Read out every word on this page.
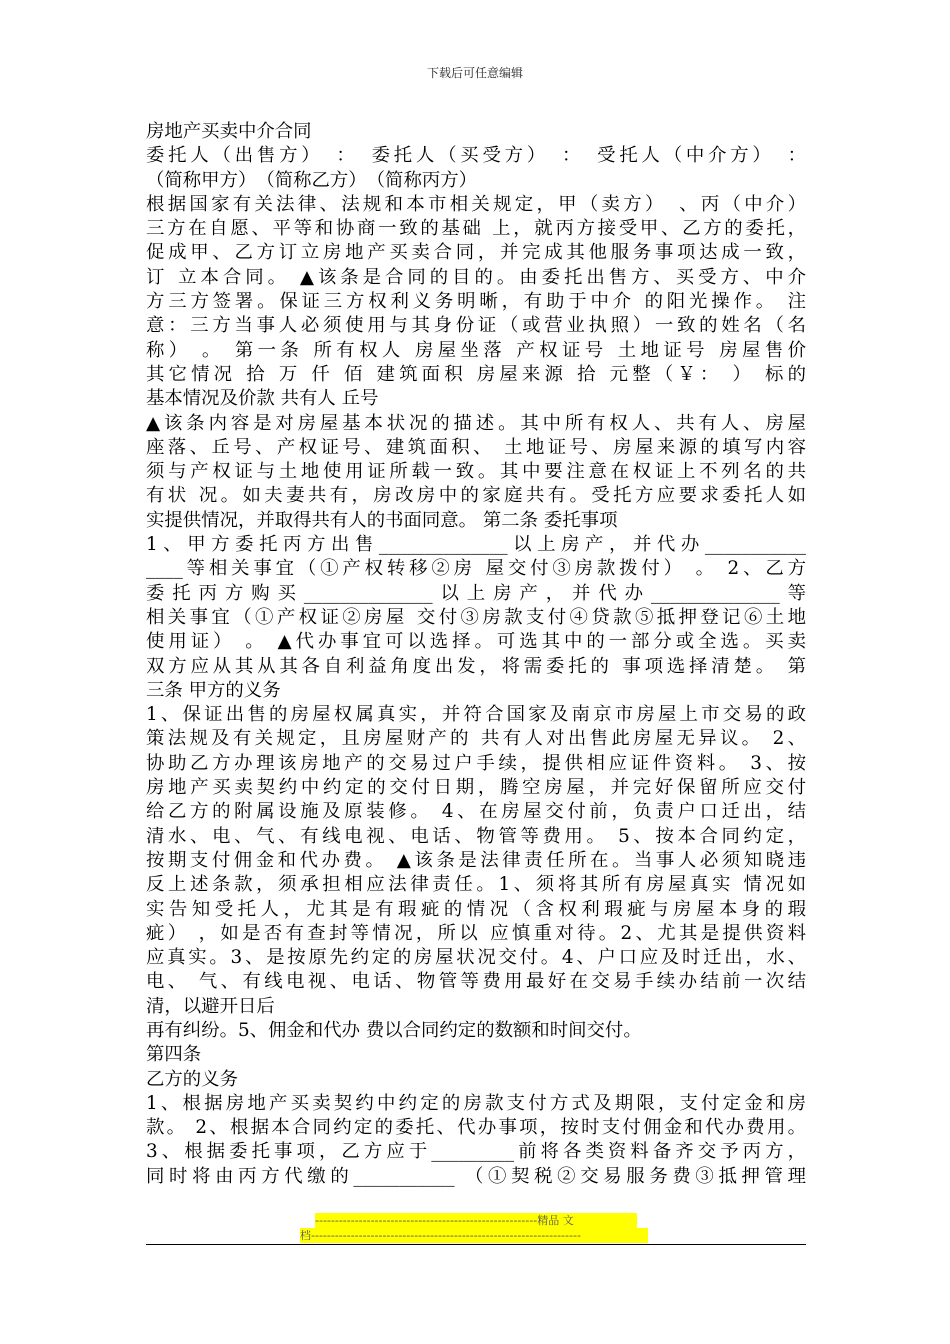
下载后可任意编辑
房地产买卖中介合同
委托人（出售方）　：　委托人（买受方）　：　受托人（中介方）　：
（简称甲方）　（简称乙方）　（简称丙方）
根据国家有关法律、法规和本市相关规定，甲（卖方）　、丙（中介）
三方在自愿、平等和协商一致的基础 上，就丙方接受甲、乙方的委托，
促成甲、乙方订立房地产买卖合同，并完成其他服务事项达成一致，
订 立本合同。 ▲该条是合同的目的。由委托出售方、买受方、中介
方三方签署。保证三方权利义务明晰，有助于中介 的阳光操作。 注
意：三方当事人必须使用与其身份证（或营业执照）一致的姓名（名
称） 。 第一条 所有权人 房屋坐落 产权证号 土地证号 房屋售价
其它情况 拾 万 仟 佰 建筑面积 房屋来源 拾 元整（￥： ） 标的
基本情况及价款 共有人 丘号
▲该条内容是对房屋基本状况的描述。其中所有权人、共有人、房屋
座落、丘号、产权证号、建筑面积、 土地证号、房屋来源的填写内容
须与产权证与土地使用证所载一致。其中要注意在权证上不列名的共
有状 况。如夫妻共有，房改房中的家庭共有。受托方应要求委托人如
实提供情况，并取得共有人的书面同意。 第二条 委托事项
1、甲方委托丙方出售______________以上房产，并代办___________
____等相关事宜（①产权转移②房 屋交付③房款拨付） 。 2、乙方
委托丙方购买______________以上房产，并代办______________等
相关事宜（①产权证②房屋 交付③房款支付④贷款⑤抵押登记⑥土地
使用证） 。 ▲代办事宜可以选择。可选其中的一部分或全选。买卖
双方应从其从其各自利益角度出发，将需委托的 事项选择清楚。 第
三条 甲方的义务
1、保证出售的房屋权属真实，并符合国家及南京市房屋上市交易的政
策法规及有关规定，且房屋财产的 共有人对出售此房屋无异议。 2、
协助乙方办理该房地产的交易过户手续，提供相应证件资料。 3、按
房地产买卖契约中约定的交付日期，腾空房屋，并完好保留所应交付
给乙方的附属设施及原装修。 4、在房屋交付前，负责户口迁出，结
清水、电、气、有线电视、电话、物管等费用。 5、按本合同约定，
按期支付佣金和代办费。 ▲该条是法律责任所在。当事人必须知晓违
反上述条款，须承担相应法律责任。1、须将其所有房屋真实 情况如
实告知受托人，尤其是有瑕疵的情况（含权利瑕疵与房屋本身的瑕
疵） ，如是否有查封等情况，所以 应慎重对待。2、尤其是提供资料
应真实。3、是按原先约定的房屋状况交付。4、户口应及时迁出，水、
电、 气、有线电视、电话、物管等费用最好在交易手续办结前一次结
清，以避开日后
再有纠纷。5、佣金和代办 费以合同约定的数额和时间交付。
第四条
乙方的义务
1、根据房地产买卖契约中约定的房款支付方式及期限，支付定金和房
款。 2、根据本合同约定的委托、代办事项，按时支付佣金和代办费用。
3、根据委托事项，乙方应于_________前将各类资料备齐交予丙方，
同时将由丙方代缴的___________ （①契税②交易服务费③抵押管理
--------------------------------------------------------精品 文
档--------------------------------------------------------------------
